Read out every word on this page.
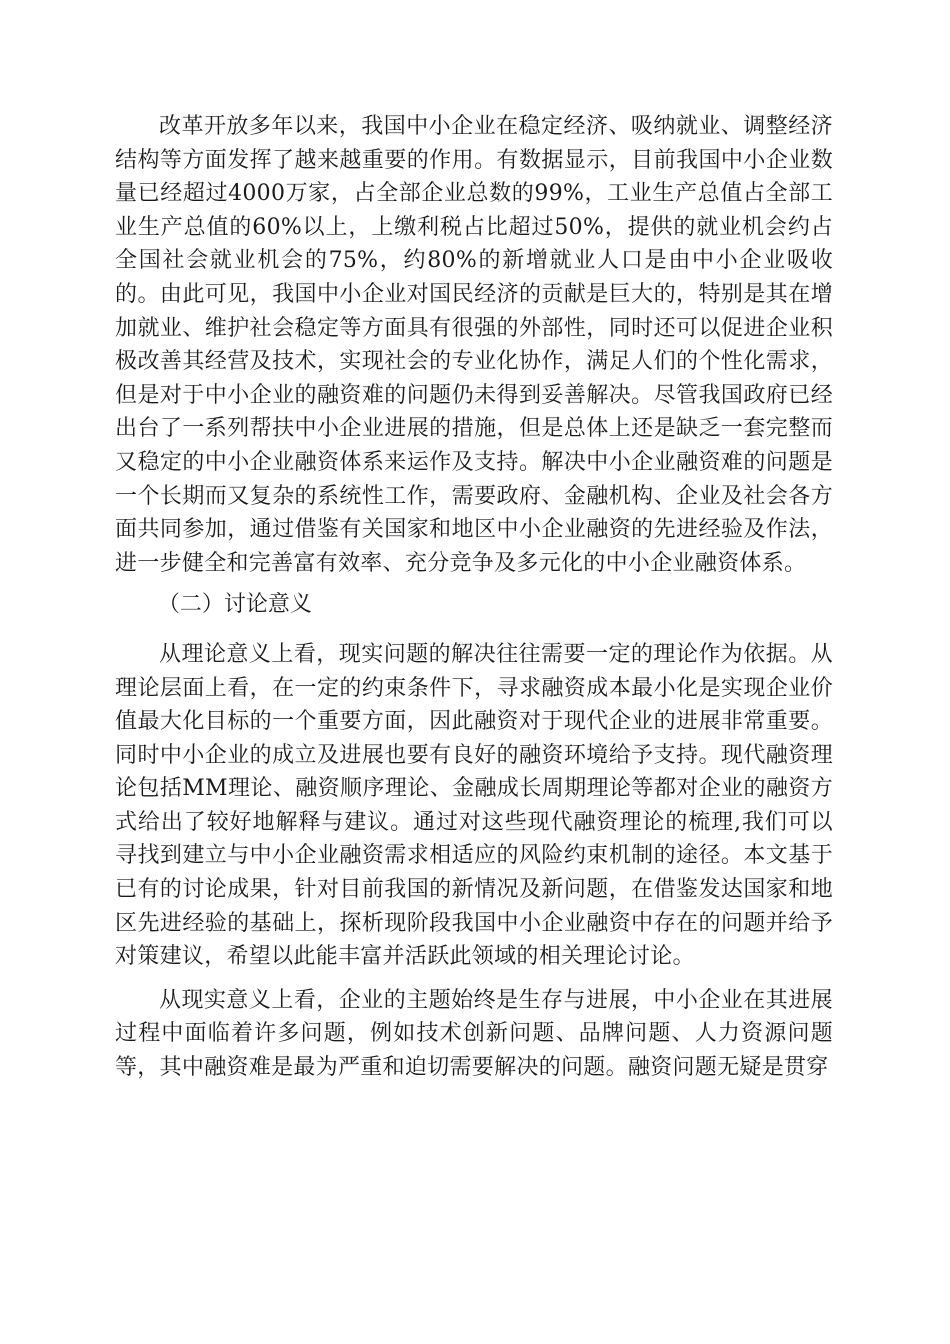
改革开放多年以来，我国中小企业在稳定经济、吸纳就业、调整经济结构等方面发挥了越来越重要的作用。有数据显示，目前我国中小企业数量已经超过4000万家，占全部企业总数的99%，工业生产总值占全部工业生产总值的60%以上，上缴利税占比超过50%，提供的就业机会约占全国社会就业机会的75%，约80%的新增就业人口是由中小企业吸收的。由此可见，我国中小企业对国民经济的贡献是巨大的，特别是其在增加就业、维护社会稳定等方面具有很强的外部性，同时还可以促进企业积极改善其经营及技术，实现社会的专业化协作，满足人们的个性化需求，但是对于中小企业的融资难的问题仍未得到妥善解决。尽管我国政府已经出台了一系列帮扶中小企业进展的措施，但是总体上还是缺乏一套完整而又稳定的中小企业融资体系来运作及支持。解决中小企业融资难的问题是一个长期而又复杂的系统性工作，需要政府、金融机构、企业及社会各方面共同参加，通过借鉴有关国家和地区中小企业融资的先进经验及作法，进一步健全和完善富有效率、充分竞争及多元化的中小企业融资体系。

（二）讨论意义

从理论意义上看，现实问题的解决往往需要一定的理论作为依据。从理论层面上看，在一定的约束条件下，寻求融资成本最小化是实现企业价值最大化目标的一个重要方面，因此融资对于现代企业的进展非常重要。同时中小企业的成立及进展也要有良好的融资环境给予支持。现代融资理论包括MM理论、融资顺序理论、金融成长周期理论等都对企业的融资方式给出了较好地解释与建议。通过对这些现代融资理论的梳理,我们可以寻找到建立与中小企业融资需求相适应的风险约束机制的途径。本文基于已有的讨论成果，针对目前我国的新情况及新问题，在借鉴发达国家和地区先进经验的基础上，探析现阶段我国中小企业融资中存在的问题并给予对策建议，希望以此能丰富并活跃此领域的相关理论讨论。

从现实意义上看，企业的主题始终是生存与进展，中小企业在其进展过程中面临着许多问题，例如技术创新问题、品牌问题、人力资源问题等，其中融资难是最为严重和迫切需要解决的问题。融资问题无疑是贯穿
